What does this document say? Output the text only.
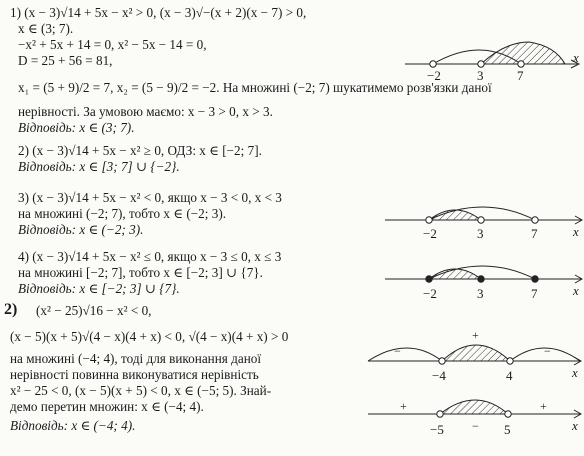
1) (x − 3)√14 + 5x − x² > 0, (x − 3)√−(x + 2)(x − 7) > 0,
x ∈ (3; 7).
−x² + 5x + 14 = 0, x² − 5x − 14 = 0,
D = 25 + 56 = 81,
x₁ = (5 + 9)/2 = 7, x₂ = (5 − 9)/2 = −2. На множині (−2; 7) шукатимемо розв'язки даної
нерівності. За умовою маємо: x − 3 > 0, x > 3.
Відповідь: x ∈ (3; 7).
2) (x − 3)√14 + 5x − x² ≥ 0, ОДЗ: x ∈ [−2; 7].
Відповідь: x ∈ [3; 7] ∪ {−2}.
3) (x − 3)√14 + 5x − x² < 0, якщо x − 3 < 0, x < 3
на множині (−2; 7), тобто x ∈ (−2; 3).
Відповідь: x ∈ (−2; 3).
4) (x − 3)√14 + 5x − x² ≤ 0, якщо x − 3 ≤ 0, x ≤ 3
на множині [−2; 7], тобто x ∈ [−2; 3] ∪ {7}.
Відповідь: x ∈ [−2; 3] ∪ {7}.
2) (x² − 25)√16 − x² < 0,
(x − 5)(x + 5)√(4 − x)(4 + x) < 0, √(4 − x)(4 + x) > 0
на множині (−4; 4), тоді для виконання даної
нерівності повинна виконуватися нерівність
x² − 25 < 0, (x − 5)(x + 5) < 0, x ∈ (−5; 5). Знай-
демо перетин множин: x ∈ (−4; 4).
Відповідь: x ∈ (−4; 4).
−2	3	7
x
−2	3	7	x
−2	3	7	x
−
+
−
−4	4	x
+
−
+
−5	5	x
